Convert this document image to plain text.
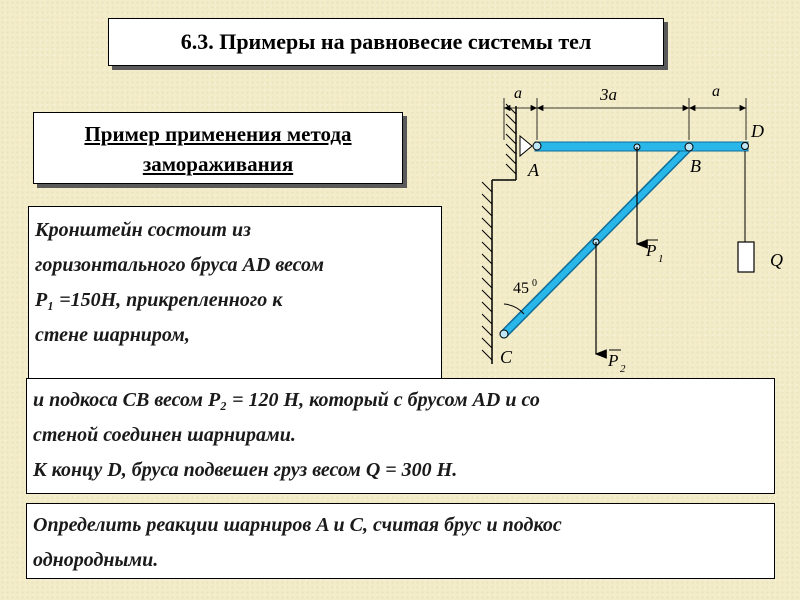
6.3. Примеры на равновесие системы тел
Пример применения метода
замораживания
Кронштейн состоит из
горизонтального бруса AD весом
P₁ =150Н, прикрепленного к
стене шарниром,
и подкоса CB весом P₂ = 120 Н, который с брусом AD и со
стеной соединен шарнирами.
К концу D, бруса подвешен груз весом Q = 300 Н.
Определить реакции шарниров A и C, считая брус и подкос
однородными.
a	3a	a
P 1
P 2
Q
45 0
A	B
D
C
